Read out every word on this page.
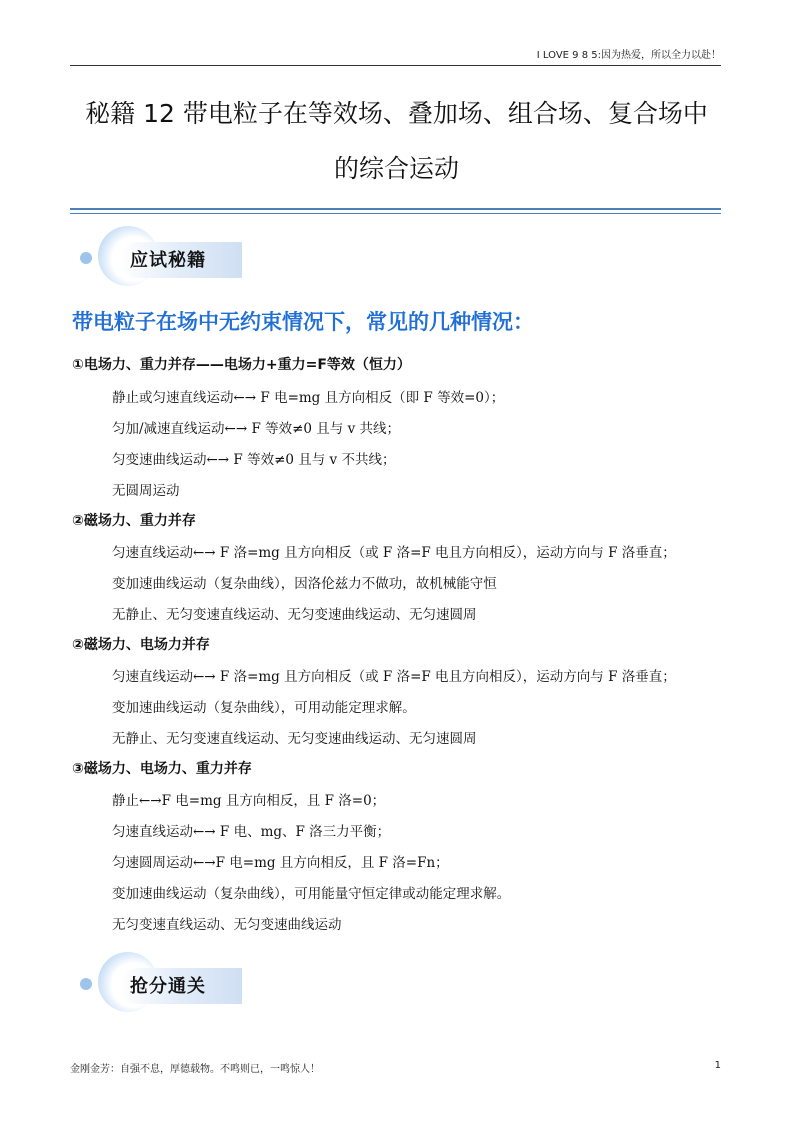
I LOVE 9 8 5:因为热爱，所以全力以赴！
秘籍 12 带电粒子在等效场、叠加场、组合场、复合场中
的综合运动
应试秘籍
带电粒子在场中无约束情况下，常见的几种情况：
①电场力、重力并存——电场力+重力=F等效（恒力）
静止或匀速直线运动←→ F 电=mg 且方向相反（即 F 等效=0）；
匀加/减速直线运动←→ F 等效≠0 且与 v 共线；
匀变速曲线运动←→ F 等效≠0 且与 v 不共线；
无圆周运动
②磁场力、重力并存
匀速直线运动←→ F 洛=mg 且方向相反（或 F 洛=F 电且方向相反），运动方向与 F 洛垂直；
变加速曲线运动（复杂曲线），因洛伦兹力不做功，故机械能守恒
无静止、无匀变速直线运动、无匀变速曲线运动、无匀速圆周
②磁场力、电场力并存
匀速直线运动←→ F 洛=mg 且方向相反（或 F 洛=F 电且方向相反），运动方向与 F 洛垂直；
变加速曲线运动（复杂曲线），可用动能定理求解。
无静止、无匀变速直线运动、无匀变速曲线运动、无匀速圆周
③磁场力、电场力、重力并存
静止←→F 电=mg 且方向相反，且 F 洛=0；
匀速直线运动←→ F 电、mg、F 洛三力平衡；
匀速圆周运动←→F 电=mg 且方向相反，且 F 洛=Fn；
变加速曲线运动（复杂曲线），可用能量守恒定律或动能定理求解。
无匀变速直线运动、无匀变速曲线运动
抢分通关
金刚金芳：自强不息，厚德载物。不鸣则已，一鸣惊人！	1
